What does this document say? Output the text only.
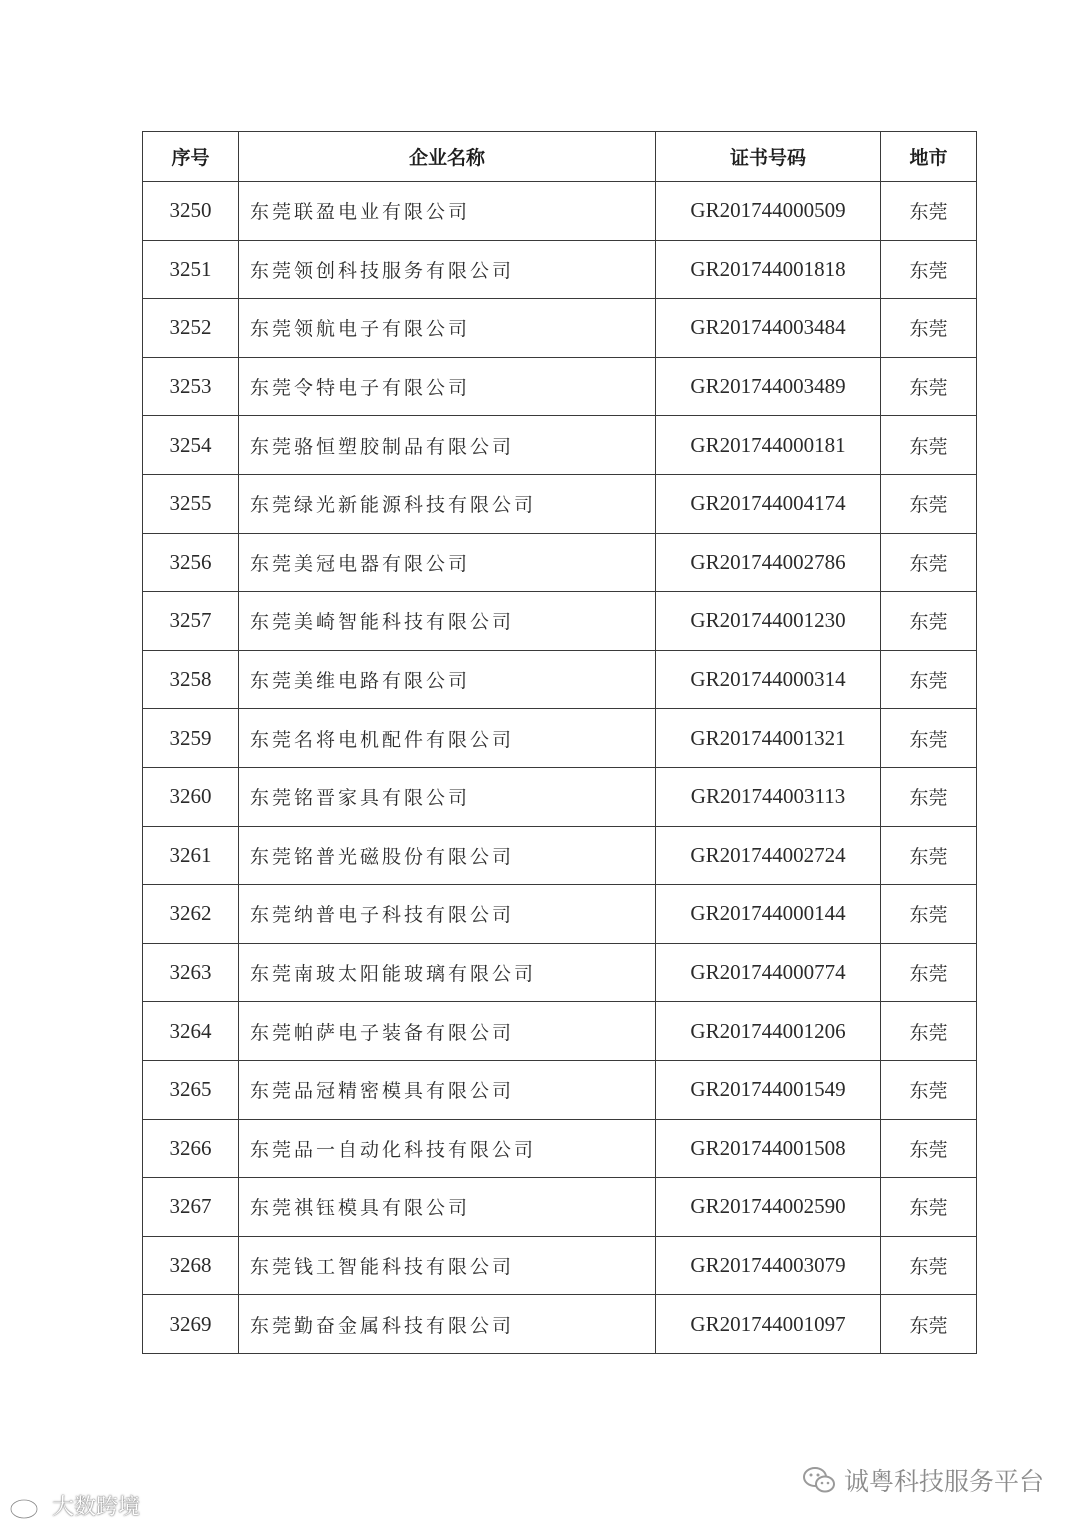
序号	企业名称	证书号码	地市
3250	东莞联盈电业有限公司	GR201744000509	东莞
3251	东莞领创科技服务有限公司	GR201744001818	东莞
3252	东莞领航电子有限公司	GR201744003484	东莞
3253	东莞令特电子有限公司	GR201744003489	东莞
3254	东莞骆恒塑胶制品有限公司	GR201744000181	东莞
3255	东莞绿光新能源科技有限公司	GR201744004174	东莞
3256	东莞美冠电器有限公司	GR201744002786	东莞
3257	东莞美崎智能科技有限公司	GR201744001230	东莞
3258	东莞美维电路有限公司	GR201744000314	东莞
3259	东莞名将电机配件有限公司	GR201744001321	东莞
3260	东莞铭晋家具有限公司	GR201744003113	东莞
3261	东莞铭普光磁股份有限公司	GR201744002724	东莞
3262	东莞纳普电子科技有限公司	GR201744000144	东莞
3263	东莞南玻太阳能玻璃有限公司	GR201744000774	东莞
3264	东莞帕萨电子装备有限公司	GR201744001206	东莞
3265	东莞品冠精密模具有限公司	GR201744001549	东莞
3266	东莞品一自动化科技有限公司	GR201744001508	东莞
3267	东莞祺钰模具有限公司	GR201744002590	东莞
3268	东莞钱工智能科技有限公司	GR201744003079	东莞
3269	东莞勤奋金属科技有限公司	GR201744001097	东莞
诚粤科技服务平台
大数跨境
